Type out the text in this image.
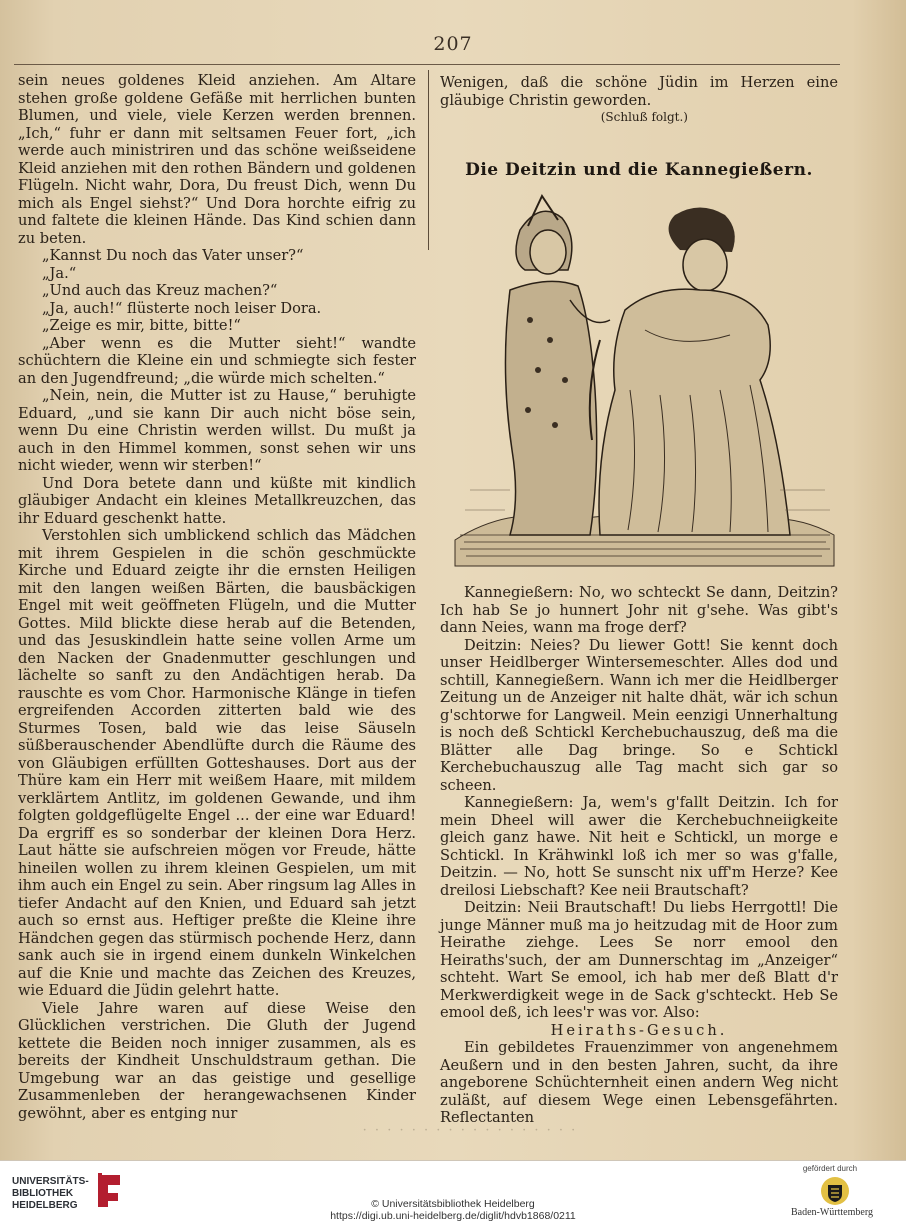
207

sein neues goldenes Kleid anziehen. Am Altare stehen große goldene Gefäße mit herrlichen bunten Blumen, und viele, viele Kerzen werden brennen. „Ich,“ fuhr er dann mit seltsamen Feuer fort, „ich werde auch ministriren und das schöne weißseidene Kleid anziehen mit den rothen Bändern und goldenen Flügeln. Nicht wahr, Dora, Du freust Dich, wenn Du mich als Engel siehst?“ Und Dora horchte eifrig zu und faltete die kleinen Hände. Das Kind schien dann zu beten.

„Kannst Du noch das Vater unser?“

„Ja.“

„Und auch das Kreuz machen?“

„Ja, auch!“ flüsterte noch leiser Dora.

„Zeige es mir, bitte, bitte!“

„Aber wenn es die Mutter sieht!“ wandte schüchtern die Kleine ein und schmiegte sich fester an den Jugendfreund; „die würde mich schelten.“

„Nein, nein, die Mutter ist zu Hause,“ beruhigte Eduard, „und sie kann Dir auch nicht böse sein, wenn Du eine Christin werden willst. Du mußt ja auch in den Himmel kommen, sonst sehen wir uns nicht wieder, wenn wir sterben!“

Und Dora betete dann und küßte mit kindlich gläubiger Andacht ein kleines Metallkreuzchen, das ihr Eduard geschenkt hatte.

Verstohlen sich umblickend schlich das Mädchen mit ihrem Gespielen in die schön geschmückte Kirche und Eduard zeigte ihr die ernsten Heiligen mit den langen weißen Bärten, die bausbäckigen Engel mit weit geöffneten Flügeln, und die Mutter Gottes. Mild blickte diese herab auf die Betenden, und das Jesuskindlein hatte seine vollen Arme um den Nacken der Gnadenmutter geschlungen und lächelte so sanft zu den Andächtigen herab. Da rauschte es vom Chor. Harmonische Klänge in tiefen ergreifenden Accorden zitterten bald wie des Sturmes Tosen, bald wie das leise Säuseln süßberauschender Abendlüfte durch die Räume des von Gläubigen erfüllten Gotteshauses. Dort aus der Thüre kam ein Herr mit weißem Haare, mit mildem verklärtem Antlitz, im goldenen Gewande, und ihm folgten goldgeflügelte Engel ... der eine war Eduard! Da ergriff es so sonderbar der kleinen Dora Herz. Laut hätte sie aufschreien mögen vor Freude, hätte hineilen wollen zu ihrem kleinen Gespielen, um mit ihm auch ein Engel zu sein. Aber ringsum lag Alles in tiefer Andacht auf den Knien, und Eduard sah jetzt auch so ernst aus. Heftiger preßte die Kleine ihre Händchen gegen das stürmisch pochende Herz, dann sank auch sie in irgend einem dunkeln Winkelchen auf die Knie und machte das Zeichen des Kreuzes, wie Eduard die Jüdin gelehrt hatte.

Viele Jahre waren auf diese Weise den Glücklichen verstrichen. Die Gluth der Jugend kettete die Beiden noch inniger zusammen, als es bereits der Kindheit Unschuldstraum gethan. Die Umgebung war an das geistige und gesellige Zusammenleben der herangewachsenen Kinder gewöhnt, aber es entging nur

Wenigen, daß die schöne Jüdin im Herzen eine gläubige Christin geworden.

(Schluß folgt.)

Die Deitzin und die Kannegießern.

Kannegießern: No, wo schteckt Se dann, Deitzin? Ich hab Se jo hunnert Johr nit g'sehe. Was gibt's dann Neies, wann ma froge derf?

Deitzin: Neies? Du liewer Gott! Sie kennt doch unser Heidlberger Wintersemeschter. Alles dod und schtill, Kannegießern. Wann ich mer die Heidlberger Zeitung un de Anzeiger nit halte dhät, wär ich schun g'schtorwe for Langweil. Mein eenzigi Unnerhaltung is noch deß Schtickl Kerchebuchauszug, deß ma die Blätter alle Dag bringe. So e Schtickl Kerchebuchauszug alle Tag macht sich gar so scheen.

Kannegießern: Ja, wem's g'fallt Deitzin. Ich for mein Dheel will awer die Kerchebuchneiigkeite gleich ganz hawe. Nit heit e Schtickl, un morge e Schtickl. In Krähwinkl loß ich mer so was g'falle, Deitzin. — No, hott Se sunscht nix uff'm Herze? Kee dreilosi Liebschaft? Kee neii Brautschaft?

Deitzin: Neii Brautschaft! Du liebs Herrgottl! Die junge Männer muß ma jo heitzudag mit de Hoor zum Heirathe ziehge. Lees Se norr emool den Heiraths'such, der am Dunnerschtag im „Anzeiger“ schteht. Wart Se emool, ich hab mer deß Blatt d'r Merkwerdigkeit wege in de Sack g'schteckt. Heb Se emool deß, ich lees'r was vor. Also:

Heiraths-Gesuch.

Ein gebildetes Frauenzimmer von angenehmem Aeußern und in den besten Jahren, sucht, da ihre angeborene Schüchternheit einen andern Weg nicht zuläßt, auf diesem Wege einen Lebensgefährten. Reflectanten

· · · · · · · · · · · · · · · · · ·
UNIVERSITÄTS-
BIBLIOTHEK
HEIDELBERG	© Universitätsbibliothek Heidelberg
https://digi.ub.uni-heidelberg.de/diglit/hdvb1868/0211
gefördert durch
Baden-Württemberg
